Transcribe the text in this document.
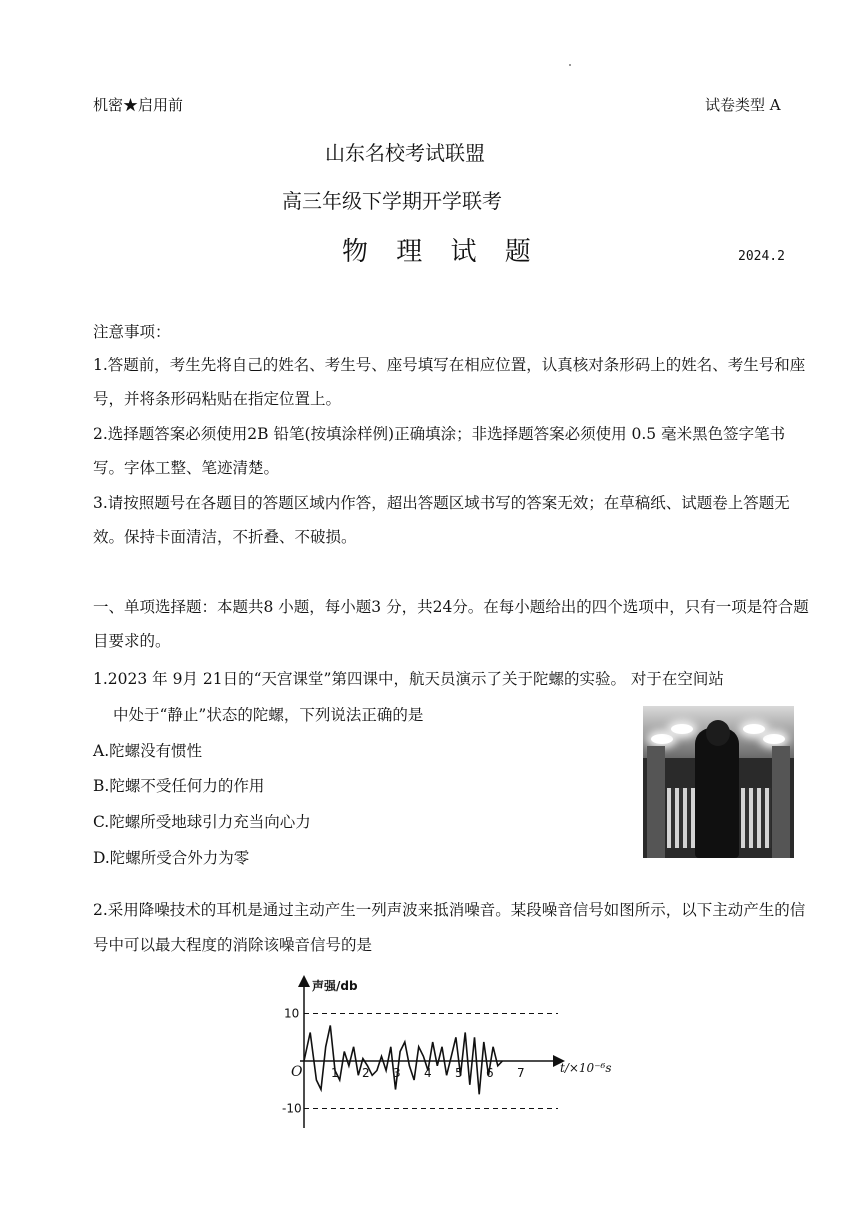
机密★启用前	试卷类型 A
山东名校考试联盟
高三年级下学期开学联考
物 理 试 题	2024.2
注意事项：
1.答题前，考生先将自己的姓名、考生号、座号填写在相应位置，认真核对条形码上的姓名、考生号和座号，并将条形码粘贴在指定位置上。
2.选择题答案必须使用2B 铅笔(按填涂样例)正确填涂；非选择题答案必须使用 0.5 毫米黑色签字笔书写。字体工整、笔迹清楚。
3.请按照题号在各题目的答题区域内作答，超出答题区域书写的答案无效；在草稿纸、试题卷上答题无效。保持卡面清洁，不折叠、不破损。
一、单项选择题：本题共8 小题，每小题3 分，共24分。在每小题给出的四个选项中，只有一项是符合题目要求的。
1.2023 年 9月 21日的“天宫课堂”第四课中，航天员演示了关于陀螺的实验。 对于在空间站
中处于“静止”状态的陀螺，下列说法正确的是
A.陀螺没有惯性
B.陀螺不受任何力的作用
C.陀螺所受地球引力充当向心力
D.陀螺所受合外力为零
2.采用降噪技术的耳机是通过主动产生一列声波来抵消噪音。某段噪音信号如图所示，以下主动产生的信
号中可以最大程度的消除该噪音信号的是
1 2 3 4 5 6 7
10
-10
声强/db
t/×10⁻⁶s
O
